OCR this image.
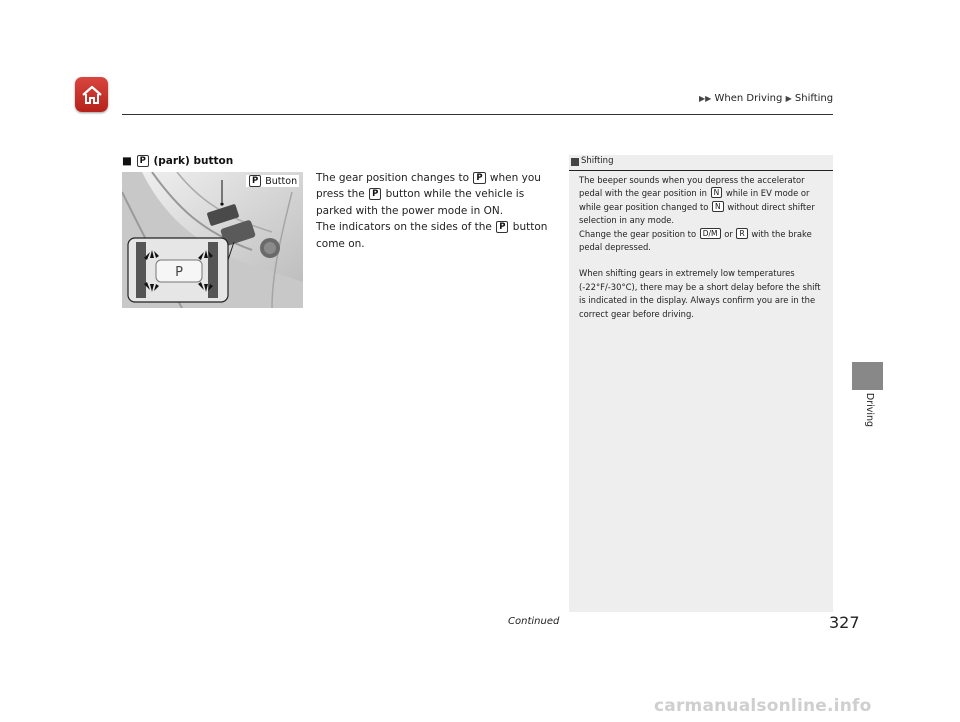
▶▶ When Driving ▶ Shifting
■ P (park) button
P
P Button The gear position changes to P when you press the P button while the vehicle is parked with the power mode in ON.

The indicators on the sides of the P button come on.

Shifting

The beeper sounds when you depress the accelerator pedal with the gear position in N while in EV mode or while gear position changed to N without direct shifter selection in any mode.

Change the gear position to D/M or R with the brake pedal depressed.

When shifting gears in extremely low temperatures (-22°F/-30°C), there may be a short delay before the shift is indicated in the display. Always confirm you are in the correct gear before driving.

Driving
Continued	327
carmanualsonline.info
